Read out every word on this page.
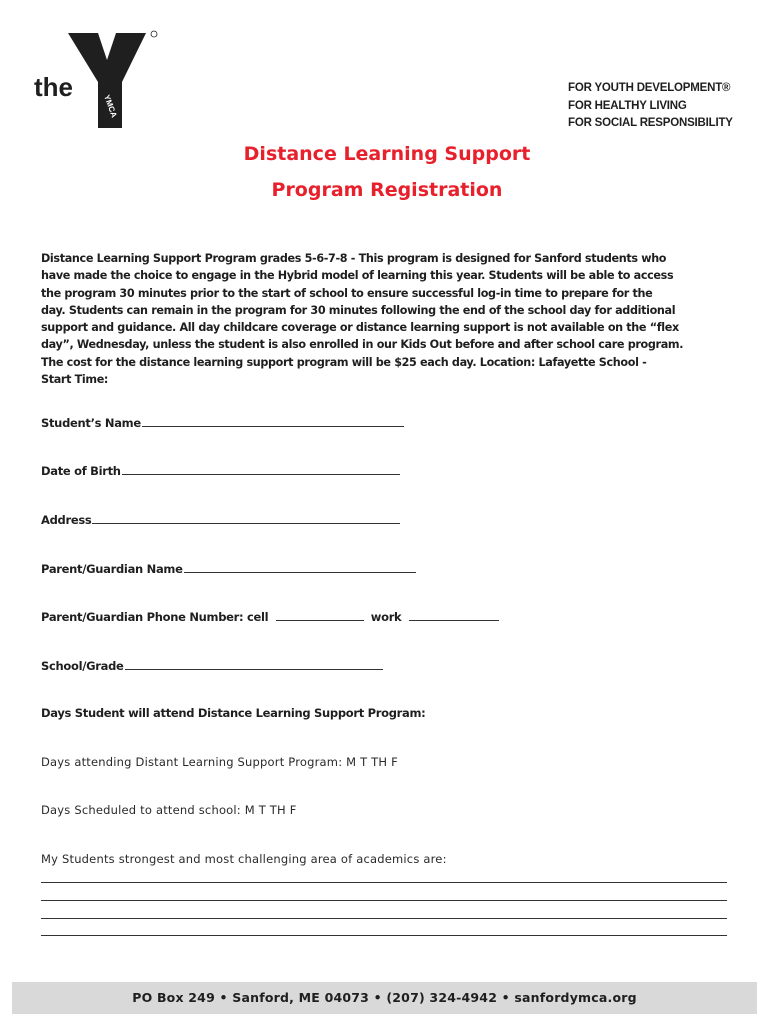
the
YMCA
FOR YOUTH DEVELOPMENT®
FOR HEALTHY LIVING
FOR SOCIAL RESPONSIBILITY
Distance Learning Support
Program Registration
Distance Learning Support Program grades 5-6-7-8 - This program is designed for Sanford students who
have made the choice to engage in the Hybrid model of learning this year. Students will be able to access
the program 30 minutes prior to the start of school to ensure successful log-in time to prepare for the
day. Students can remain in the program for 30 minutes following the end of the school day for additional
support and guidance. All day childcare coverage or distance learning support is not available on the “flex
day”, Wednesday, unless the student is also enrolled in our Kids Out before and after school care program.
The cost for the distance learning support program will be $25 each day. Location: Lafayette School -
Start Time:
Student’s Name
Date of Birth
Address
Parent/Guardian Name
Parent/Guardian Phone Number: cell	work
School/Grade
Days Student will attend Distance Learning Support Program:
Days attending Distant Learning Support Program: M T TH F
Days Scheduled to attend school: M T TH F
My Students strongest and most challenging area of academics are:
PO Box 249 • Sanford, ME 04073 • (207) 324-4942 • sanfordymca.org
